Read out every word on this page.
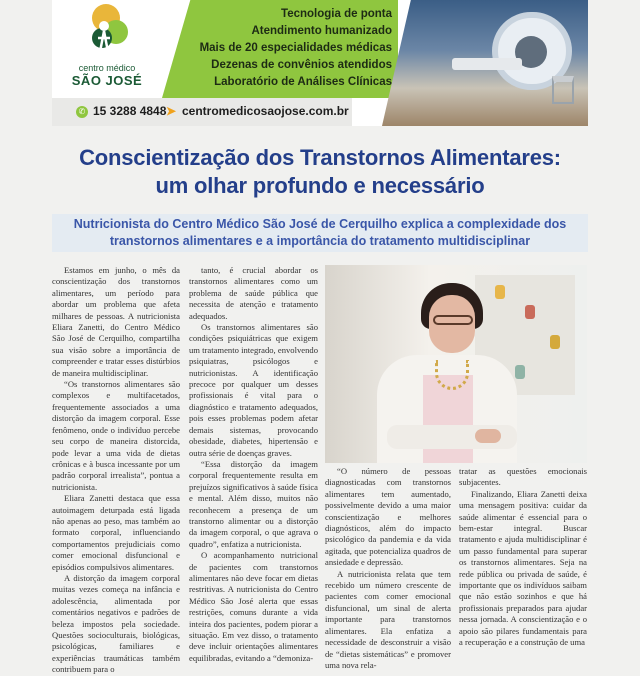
centro médico
SÃO JOSÉ
Tecnologia de ponta
Atendimento humanizado
Mais de 20 especialidades médicas
Dezenas de convênios atendidos
Laboratório de Análises Clínicas
✆ 15 3288 4848 ➤ centromedicosaojose.com.br
Conscientização dos Transtornos Alimentares:
um olhar profundo e necessário
Nutricionista do Centro Médico São José de Cerquilho explica a complexidade dos transtornos alimentares e a importância do tratamento multidisciplinar

Estamos em junho, o mês da conscientização dos transtornos alimentares, um período para abordar um problema que afeta milhares de pessoas. A nutricionista Eliara Zanetti, do Centro Médico São José de Cerquilho, compartilha sua visão sobre a importância de compreender e tratar esses distúrbios de maneira multidisciplinar.

“Os transtornos alimentares são complexos e multifacetados, frequentemente associados a uma distorção da imagem corporal. Esse fenômeno, onde o indivíduo percebe seu corpo de maneira distorcida, pode levar a uma vida de dietas crônicas e à busca incessante por um padrão corporal irrealista”, pontua a nutricionista.

Eliara Zanetti destaca que essa autoimagem deturpada está ligada não apenas ao peso, mas também ao formato corporal, influenciando comportamentos prejudiciais como comer emocional disfuncional e episódios compulsivos alimentares.

A distorção da imagem corporal muitas vezes começa na infância e adolescência, alimentada por comentários negativos e padrões de beleza impostos pela sociedade. Questões socioculturais, biológicas, psicológicas, familiares e experiências traumáticas também contribuem para o

tanto, é crucial abordar os transtornos alimentares como um problema de saúde pública que necessita de atenção e tratamento adequados.

Os transtornos alimentares são condições psiquiátricas que exigem um tratamento integrado, envolvendo psiquiatras, psicólogos e nutricionistas. A identificação precoce por qualquer um desses profissionais é vital para o diagnóstico e tratamento adequados, pois esses problemas podem afetar demais sistemas, provocando obesidade, diabetes, hipertensão e outra série de doenças graves.

“Essa distorção da imagem corporal frequentemente resulta em prejuízos significativos à saúde física e mental. Além disso, muitos não reconhecem a presença de um transtorno alimentar ou a distorção da imagem corporal, o que agrava o quadro”, enfatiza a nutricionista.

O acompanhamento nutricional de pacientes com transtornos alimentares não deve focar em dietas restritivas. A nutricionista do Centro Médico São José alerta que essas restrições, comuns durante a vida inteira dos pacientes, podem piorar a situação. Em vez disso, o tratamento deve incluir orientações alimentares equilibradas, evitando a “demoniza-

“O número de pessoas diagnosticadas com transtornos alimentares tem aumentado, possivelmente devido a uma maior conscientização e melhores diagnósticos, além do impacto psicológico da pandemia e da vida agitada, que potencializa quadros de ansiedade e depressão.

A nutricionista relata que tem recebido um número crescente de pacientes com comer emocional disfuncional, um sinal de alerta importante para transtornos alimentares. Ela enfatiza a necessidade de desconstruir a visão de “dietas sistemáticas” e promover uma nova rela-

tratar as questões emocionais subjacentes.

Finalizando, Eliara Zanetti deixa uma mensagem positiva: cuidar da saúde alimentar é essencial para o bem-estar integral. Buscar tratamento e ajuda multidisciplinar é um passo fundamental para superar os transtornos alimentares. Seja na rede pública ou privada de saúde, é importante que os indivíduos saibam que não estão sozinhos e que há profissionais preparados para ajudar nessa jornada. A conscientização e o apoio são pilares fundamentais para a recuperação e a construção de uma
